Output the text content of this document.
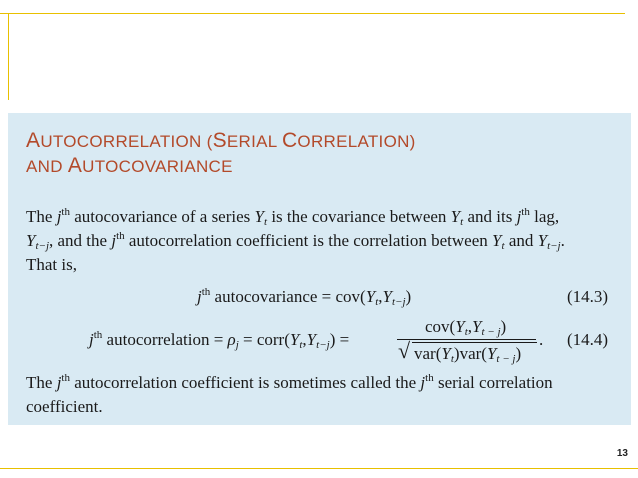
13
AUTOCORRELATION (SERIAL CORRELATION)
AND AUTOCOVARIANCE
The $j^{th}$ autocovariance of a series $Y_t$ is the covariance between $Y_t$ and its $j^{th}$ lag,
$Y_{t-j}$, and the $j^{th}$ autocorrelation coefficient is the correlation between $Y_t$ and $Y_{t-j}$.
That is,
$j^{th}$ autocovariance = $cov(Y_t,Y_{t-j})$	(14.3)
$j^{th}$ autocorrelation = $\rho_j$ = $corr(Y_t,Y_{t-j})$ =
$cov(Y_t,Y_{t - j})$
√ $var(Y_t)var(Y_{t - j})$
. (14.4)
The $j^{th}$ autocorrelation coefficient is sometimes called the $j^{th}$ serial correlation
coefficient.
